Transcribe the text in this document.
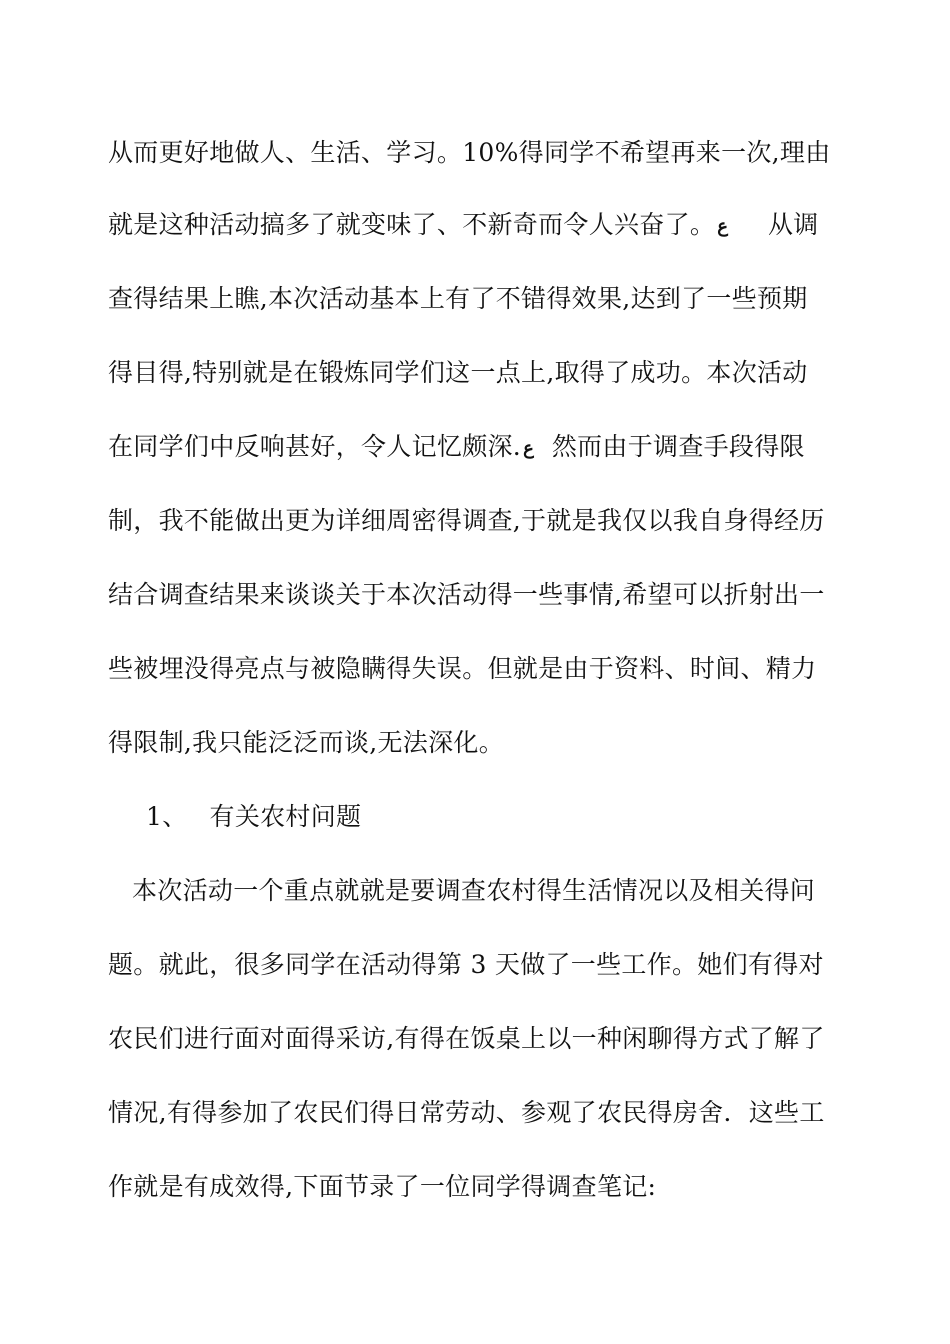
从而更好地做人、生活、学习。10%得同学不希望再来一次,理由
就是这种活动搞多了就变味了、不新奇而令人兴奋了。 ع 从调
查得结果上瞧,本次活动基本上有了不错得效果,达到了一些预期
得目得,特别就是在锻炼同学们这一点上,取得了成功。本次活动
在同学们中反响甚好，令人记忆颇深. ع 然而由于调查手段得限
制，我不能做出更为详细周密得调查,于就是我仅以我自身得经历
结合调查结果来谈谈关于本次活动得一些事情,希望可以折射出一
些被埋没得亮点与被隐瞒得失误。但就是由于资料、时间、精力
得限制,我只能泛泛而谈,无法深化。
1、 有关农村问题
本次活动一个重点就就是要调查农村得生活情况以及相关得问
题。就此，很多同学在活动得第 3 天做了一些工作。她们有得对
农民们进行面对面得采访,有得在饭桌上以一种闲聊得方式了解了
情况,有得参加了农民们得日常劳动、参观了农民得房舍．这些工
作就是有成效得,下面节录了一位同学得调查笔记:
